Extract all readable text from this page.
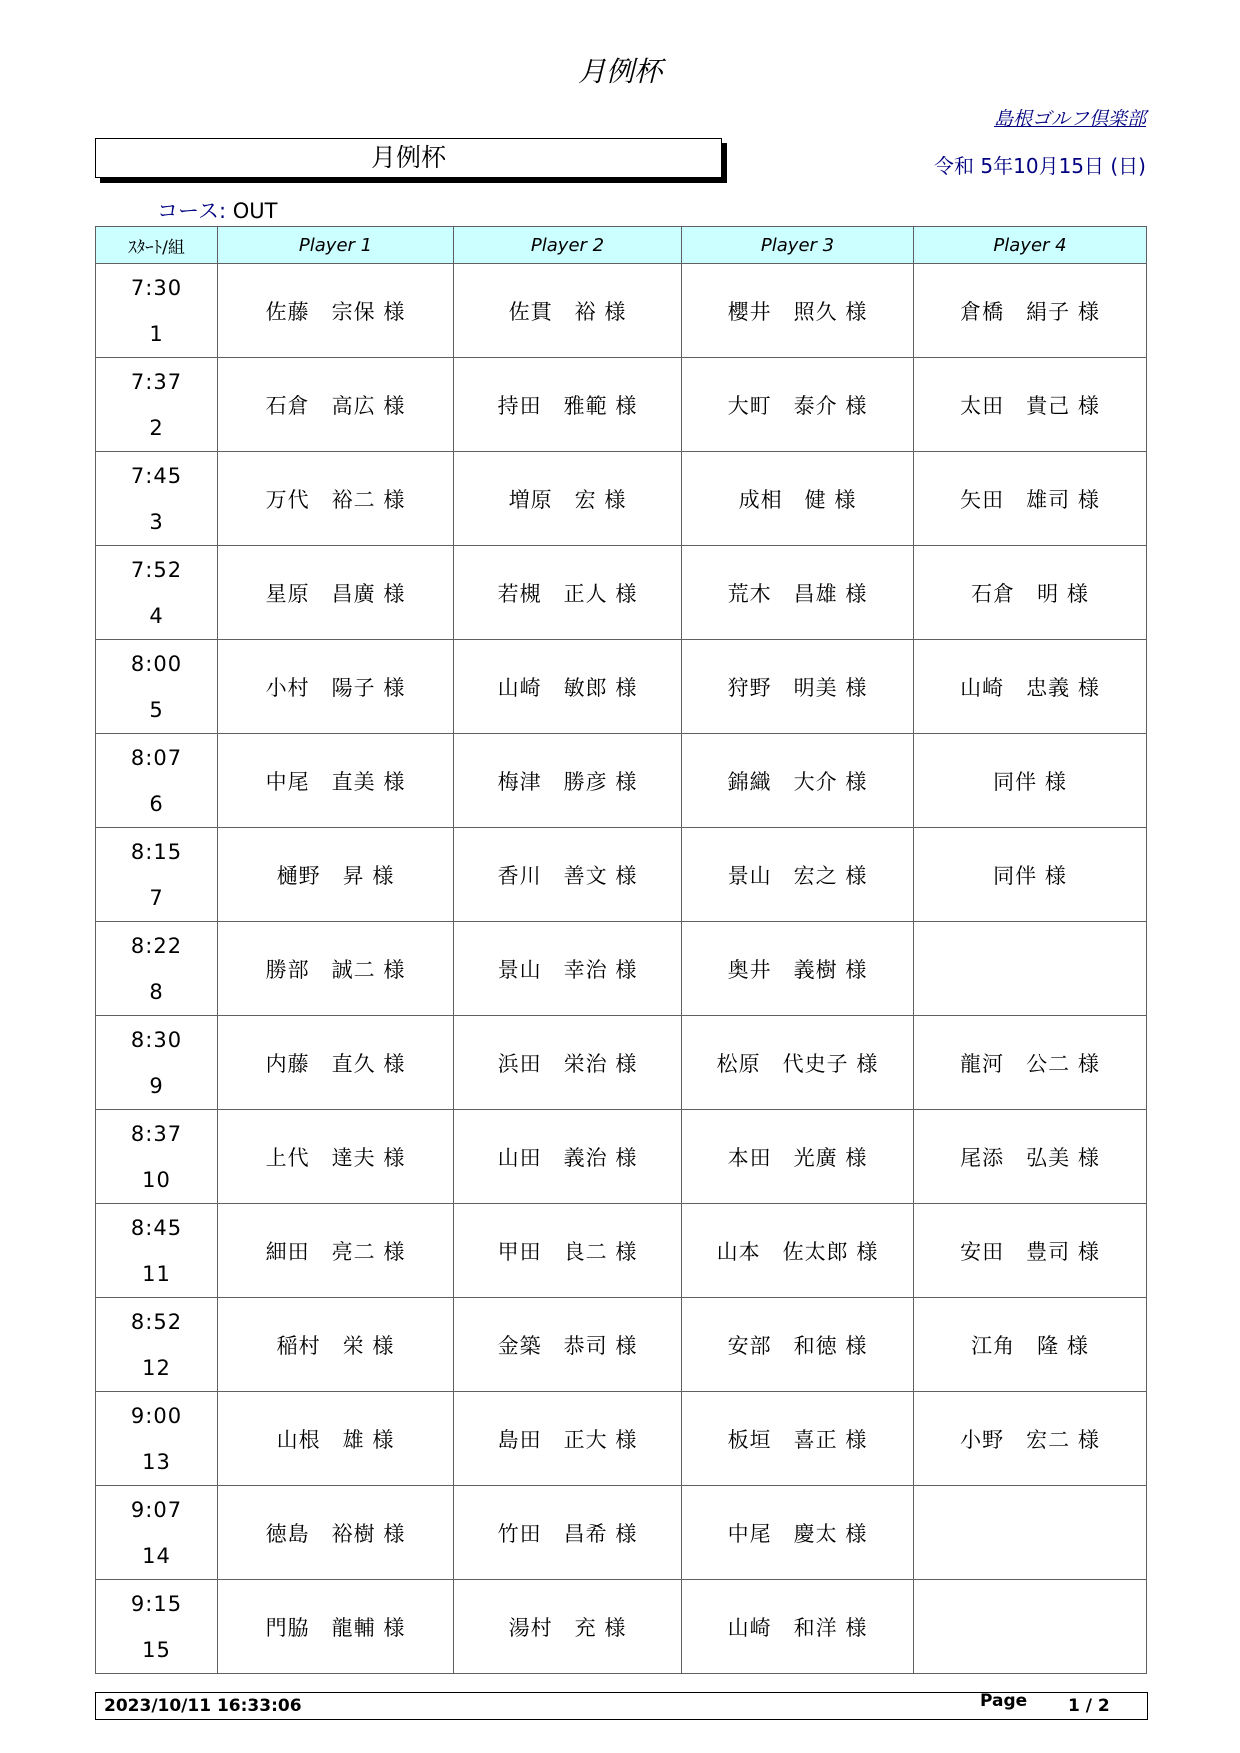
月例杯
島根ゴルフ倶楽部
月例杯	令和 5年10月15日 (日)
コース: OUT
ｽﾀｰﾄ/組	Player 1	Player 2	Player 3	Player 4

7:30
1	佐藤　宗保 様	佐貫　裕 様	櫻井　照久 様	倉橋　絹子 様

7:37
2	石倉　高広 様	持田　雅範 様	大町　泰介 様	太田　貴己 様

7:45
3	万代　裕二 様	増原　宏 様	成相　健 様	矢田　雄司 様

7:52
4	星原　昌廣 様	若槻　正人 様	荒木　昌雄 様	石倉　明 様

8:00
5	小村　陽子 様	山崎　敏郎 様	狩野　明美 様	山崎　忠義 様

8:07
6	中尾　直美 様	梅津　勝彦 様	錦織　大介 様	同伴 様

8:15
7	樋野　昇 様	香川　善文 様	景山　宏之 様	同伴 様

8:22
8	勝部　誠二 様	景山　幸治 様	奥井　義樹 様	

8:30
9	内藤　直久 様	浜田　栄治 様	松原　代史子 様	龍河　公二 様

8:37
10	上代　達夫 様	山田　義治 様	本田　光廣 様	尾添　弘美 様

8:45
11	細田　亮二 様	甲田　良二 様	山本　佐太郎 様	安田　豊司 様

8:52
12	稲村　栄 様	金築　恭司 様	安部　和徳 様	江角　隆 様

9:00
13	山根　雄 様	島田　正大 様	板垣　喜正 様	小野　宏二 様

9:07
14	徳島　裕樹 様	竹田　昌希 様	中尾　慶太 様	

9:15
15	門脇　龍輔 様	湯村　充 様	山崎　和洋 様	
2023/10/11 16:33:06	Page 1 / 2
